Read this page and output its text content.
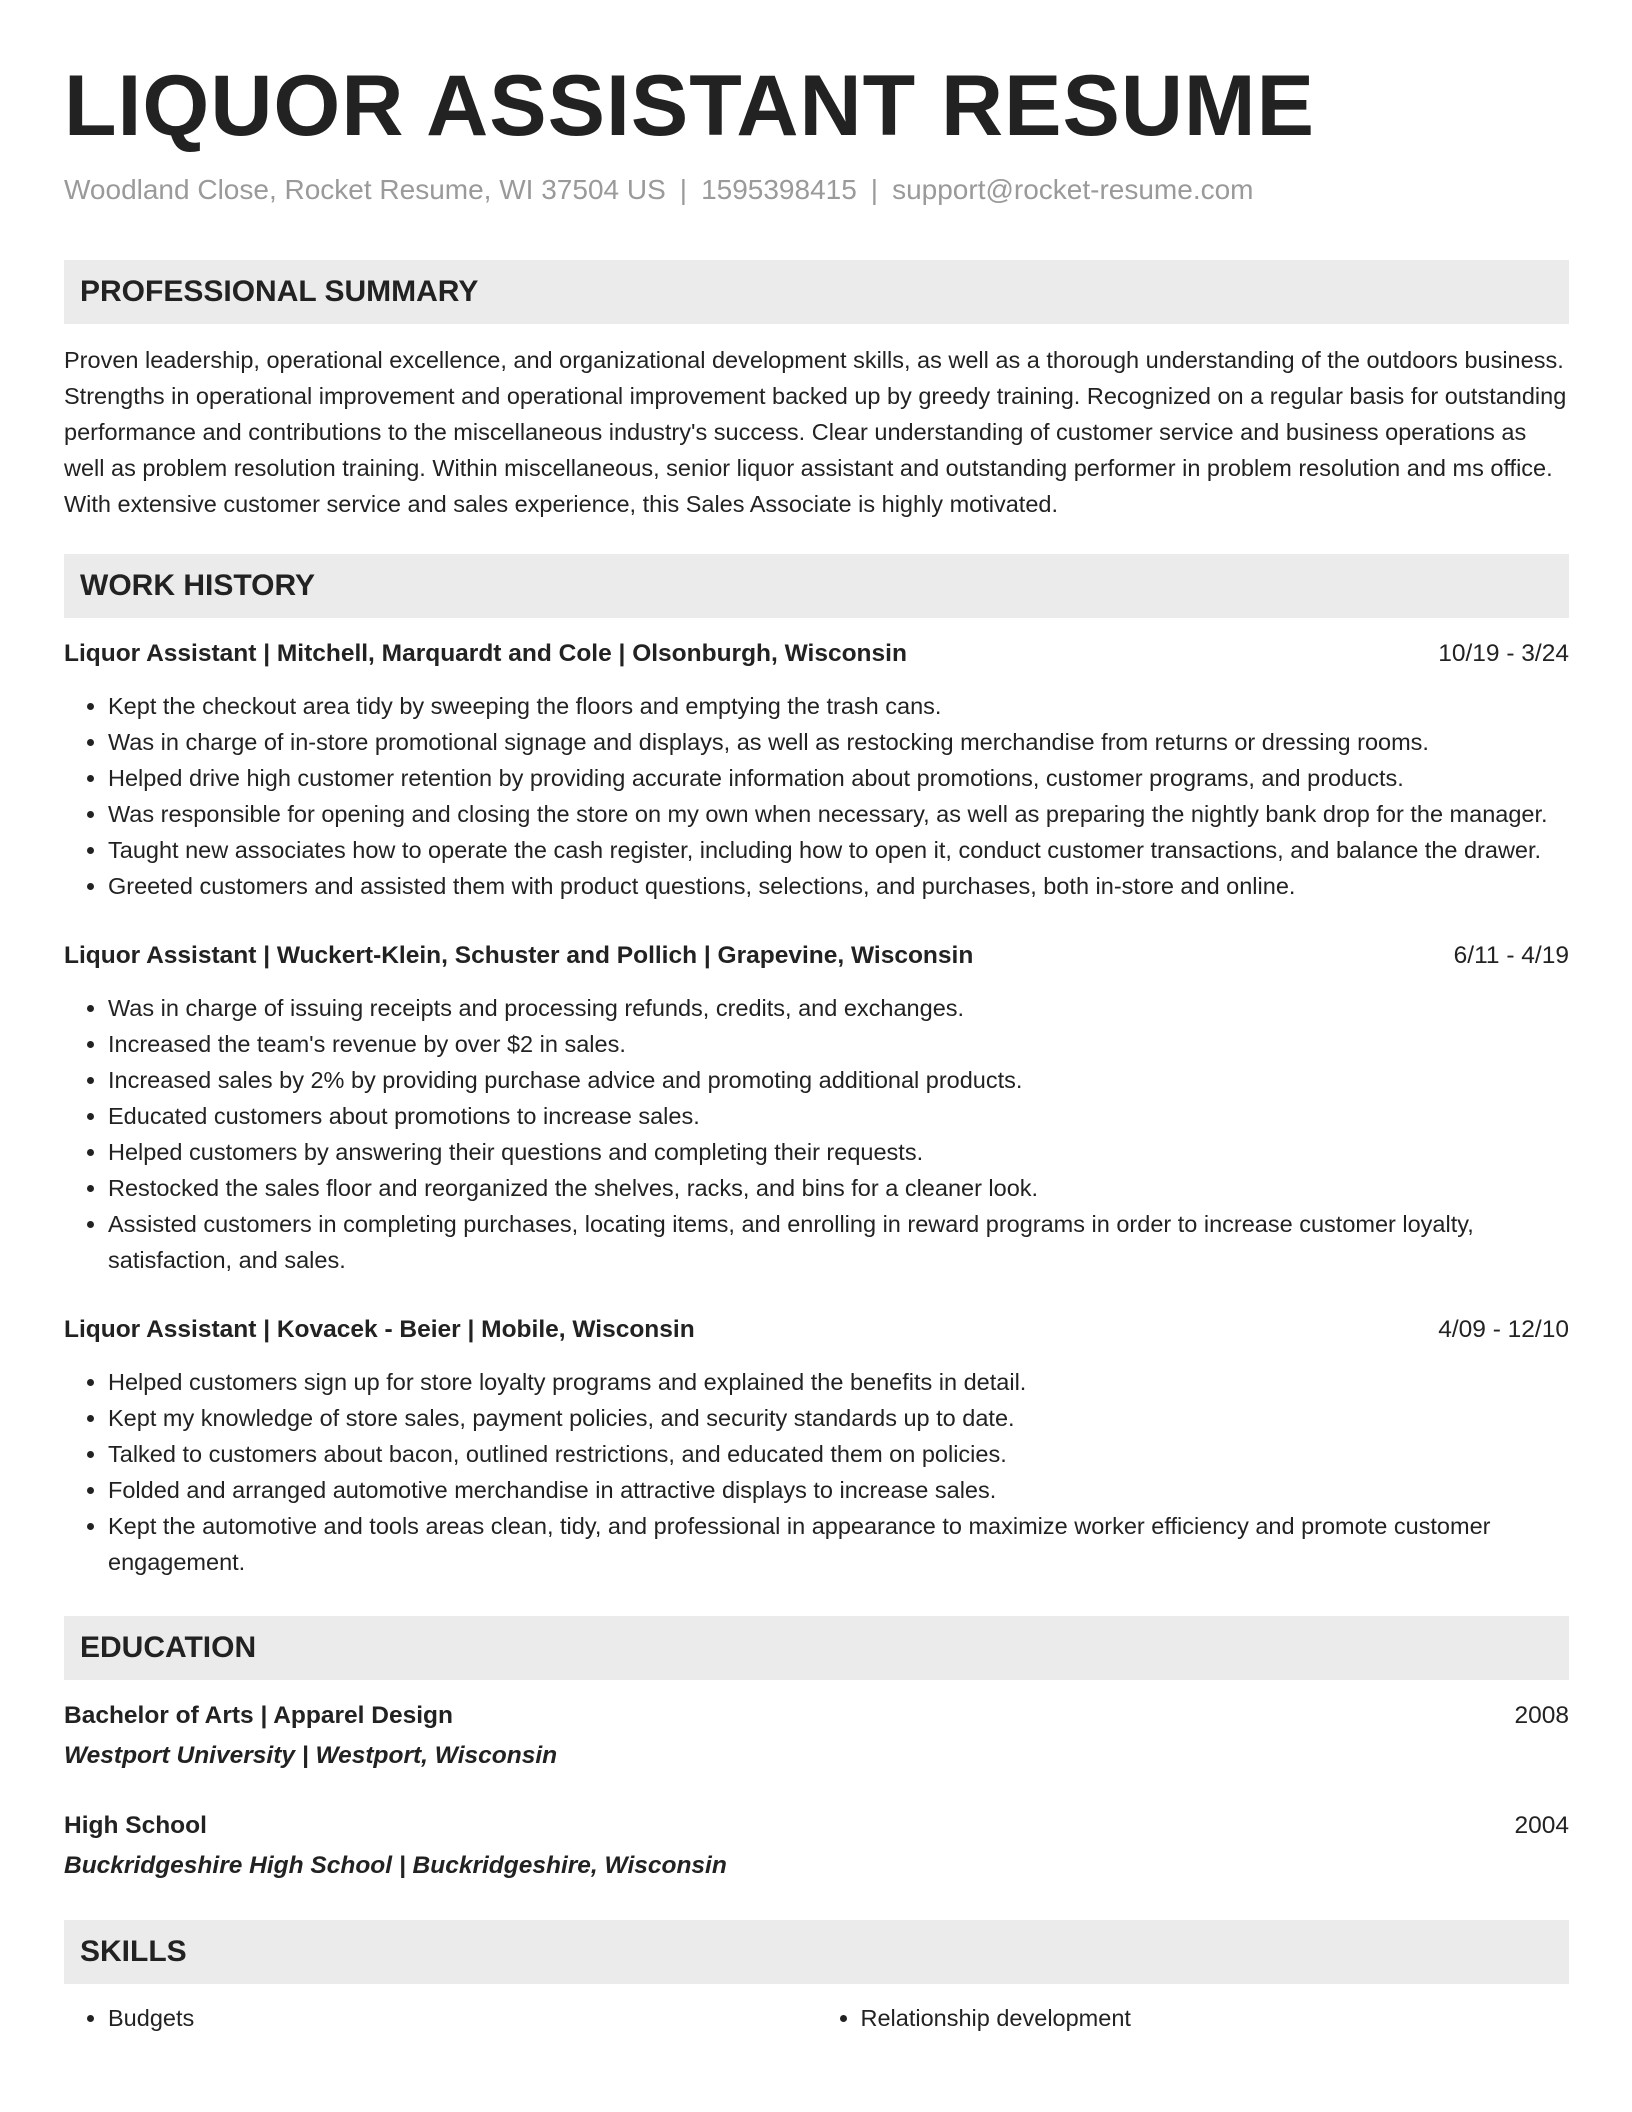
LIQUOR ASSISTANT RESUME
Woodland Close, Rocket Resume, WI 37504 US | 1595398415 | support@rocket-resume.com
PROFESSIONAL SUMMARY

Proven leadership, operational excellence, and organizational development skills, as well as a thorough understanding of the outdoors business. Strengths in operational improvement and operational improvement backed up by greedy training. Recognized on a regular basis for outstanding performance and contributions to the miscellaneous industry's success. Clear understanding of customer service and business operations as well as problem resolution training. Within miscellaneous, senior liquor assistant and outstanding performer in problem resolution and ms office. With extensive customer service and sales experience, this Sales Associate is highly motivated.

WORK HISTORY
Liquor Assistant | Mitchell, Marquardt and Cole | Olsonburgh, Wisconsin	10/19 - 3/24
• Kept the checkout area tidy by sweeping the floors and emptying the trash cans.
• Was in charge of in-store promotional signage and displays, as well as restocking merchandise from returns or dressing rooms.
• Helped drive high customer retention by providing accurate information about promotions, customer programs, and products.
• Was responsible for opening and closing the store on my own when necessary, as well as preparing the nightly bank drop for the manager.
• Taught new associates how to operate the cash register, including how to open it, conduct customer transactions, and balance the drawer.
• Greeted customers and assisted them with product questions, selections, and purchases, both in-store and online.
Liquor Assistant | Wuckert-Klein, Schuster and Pollich | Grapevine, Wisconsin	6/11 - 4/19
• Was in charge of issuing receipts and processing refunds, credits, and exchanges.
• Increased the team's revenue by over $2 in sales.
• Increased sales by 2% by providing purchase advice and promoting additional products.
• Educated customers about promotions to increase sales.
• Helped customers by answering their questions and completing their requests.
• Restocked the sales floor and reorganized the shelves, racks, and bins for a cleaner look.
• Assisted customers in completing purchases, locating items, and enrolling in reward programs in order to increase customer loyalty, satisfaction, and sales.
Liquor Assistant | Kovacek - Beier | Mobile, Wisconsin	4/09 - 12/10
• Helped customers sign up for store loyalty programs and explained the benefits in detail.
• Kept my knowledge of store sales, payment policies, and security standards up to date.
• Talked to customers about bacon, outlined restrictions, and educated them on policies.
• Folded and arranged automotive merchandise in attractive displays to increase sales.
• Kept the automotive and tools areas clean, tidy, and professional in appearance to maximize worker efficiency and promote customer engagement.
EDUCATION
Bachelor of Arts | Apparel Design	2008
Westport University | Westport, Wisconsin
High School	2004
Buckridgeshire High School | Buckridgeshire, Wisconsin
SKILLS
• Budgets
•	Relationship development
